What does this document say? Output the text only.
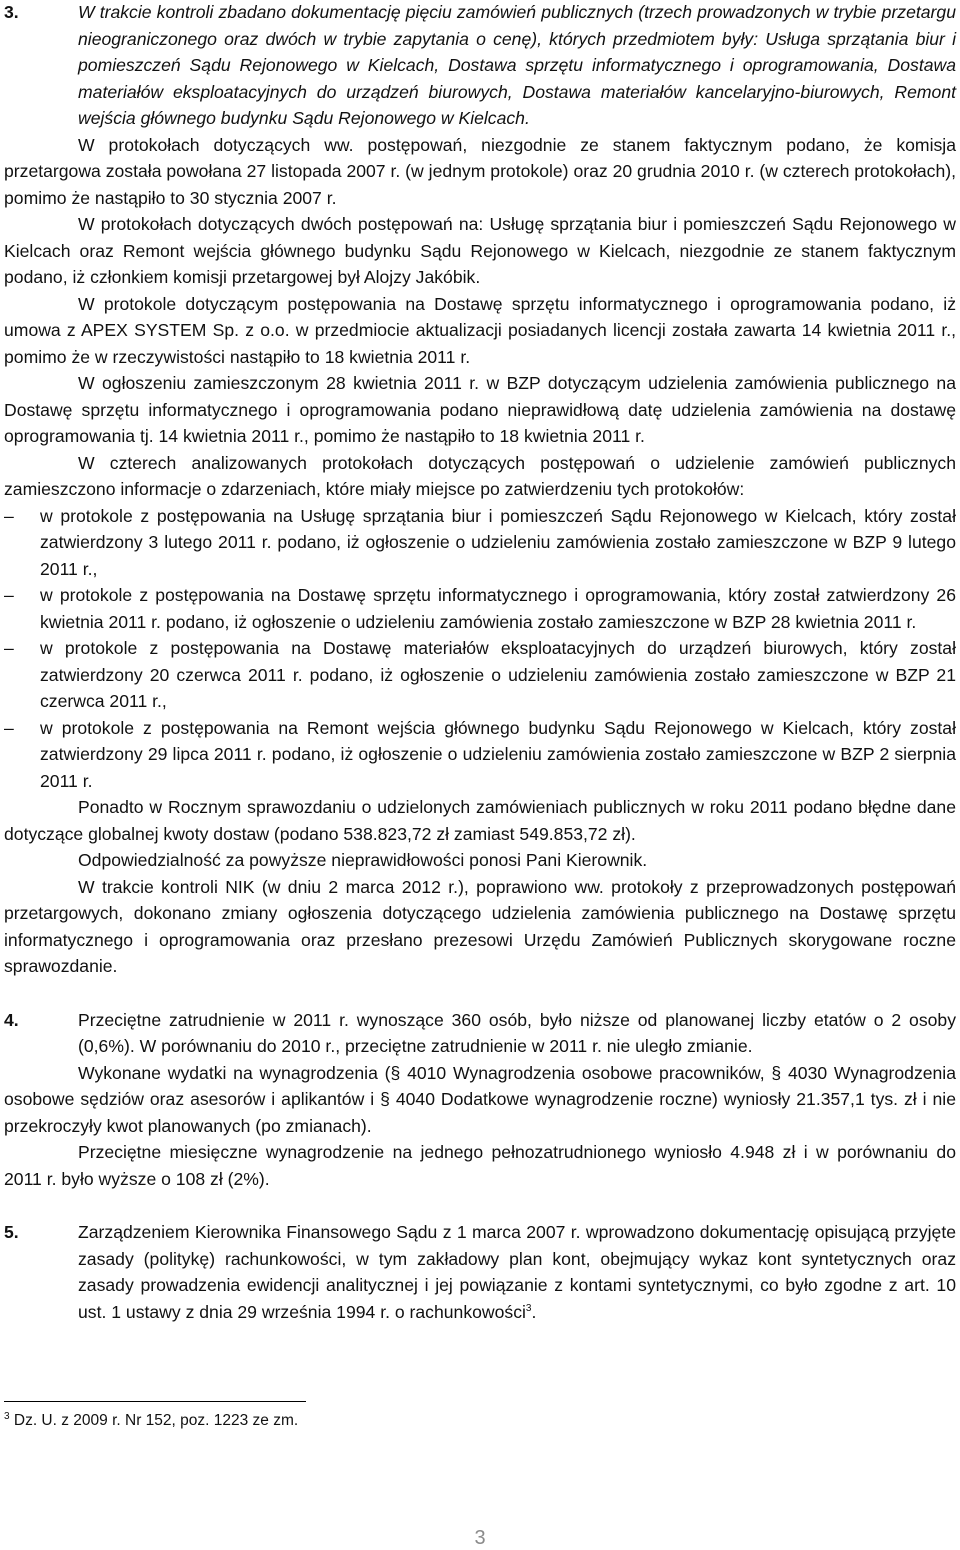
3.	W trakcie kontroli zbadano dokumentację pięciu zamówień publicznych (trzech prowadzonych w trybie przetargu nieograniczonego oraz dwóch w trybie zapytania o cenę), których przedmiotem były: Usługa sprzątania biur i pomieszczeń Sądu Rejonowego w Kielcach, Dostawa sprzętu informatycznego i oprogramowania, Dostawa materiałów eksploatacyjnych do urządzeń biurowych, Dostawa materiałów kancelaryjno-biurowych, Remont wejścia głównego budynku Sądu Rejonowego w Kielcach.

W protokołach dotyczących ww. postępowań, niezgodnie ze stanem faktycznym podano, że komisja przetargowa została powołana 27 listopada 2007 r. (w jednym protokole) oraz 20 grudnia 2010 r. (w czterech protokołach), pomimo że nastąpiło to 30 stycznia 2007 r.

W protokołach dotyczących dwóch postępowań na: Usługę sprzątania biur i pomieszczeń Sądu Rejonowego w Kielcach oraz Remont wejścia głównego budynku Sądu Rejonowego w Kielcach, niezgodnie ze stanem faktycznym podano, iż członkiem komisji przetargowej był Alojzy Jakóbik.

W protokole dotyczącym postępowania na Dostawę sprzętu informatycznego i oprogramowania podano, iż umowa z APEX SYSTEM Sp. z o.o. w przedmiocie aktualizacji posiadanych licencji została zawarta 14 kwietnia 2011 r., pomimo że w rzeczywistości nastąpiło to 18 kwietnia 2011 r.

W ogłoszeniu zamieszczonym 28 kwietnia 2011 r. w BZP dotyczącym udzielenia zamówienia publicznego na Dostawę sprzętu informatycznego i oprogramowania podano nieprawidłową datę udzielenia zamówienia na dostawę oprogramowania tj. 14 kwietnia 2011 r., pomimo że nastąpiło to 18 kwietnia 2011 r.

W czterech analizowanych protokołach dotyczących postępowań o udzielenie zamówień publicznych zamieszczono informacje o zdarzeniach, które miały miejsce po zatwierdzeniu tych protokołów:

–	w protokole z postępowania na Usługę sprzątania biur i pomieszczeń Sądu Rejonowego w Kielcach, który został zatwierdzony 3 lutego 2011 r. podano, iż ogłoszenie o udzieleniu zamówienia zostało zamieszczone w BZP 9 lutego 2011 r.,
–	w protokole z postępowania na Dostawę sprzętu informatycznego i oprogramowania, który został zatwierdzony 26 kwietnia 2011 r. podano, iż ogłoszenie o udzieleniu zamówienia zostało zamieszczone w BZP 28 kwietnia 2011 r.
–	w protokole z postępowania na Dostawę materiałów eksploatacyjnych do urządzeń biurowych, który został zatwierdzony 20 czerwca 2011 r. podano, iż ogłoszenie o udzieleniu zamówienia zostało zamieszczone w BZP 21 czerwca 2011 r.,
–	w protokole z postępowania na Remont wejścia głównego budynku Sądu Rejonowego w Kielcach, który został zatwierdzony 29 lipca 2011 r. podano, iż ogłoszenie o udzieleniu zamówienia zostało zamieszczone w BZP 2 sierpnia 2011 r.

Ponadto w Rocznym sprawozdaniu o udzielonych zamówieniach publicznych w roku 2011 podano błędne dane dotyczące globalnej kwoty dostaw (podano 538.823,72 zł zamiast 549.853,72 zł).

Odpowiedzialność za powyższe nieprawidłowości ponosi Pani Kierownik.

W trakcie kontroli NIK (w dniu 2 marca 2012 r.), poprawiono ww. protokoły z przeprowadzonych postępowań przetargowych, dokonano zmiany ogłoszenia dotyczącego udzielenia zamówienia publicznego na Dostawę sprzętu informatycznego i oprogramowania oraz przesłano prezesowi Urzędu Zamówień Publicznych skorygowane roczne sprawozdanie.

4.	Przeciętne zatrudnienie w 2011 r. wynoszące 360 osób, było niższe od planowanej liczby etatów o 2 osoby (0,6%). W porównaniu do 2010 r., przeciętne zatrudnienie w 2011 r. nie uległo zmianie.

Wykonane wydatki na wynagrodzenia (§ 4010 Wynagrodzenia osobowe pracowników, § 4030 Wynagrodzenia osobowe sędziów oraz asesorów i aplikantów i § 4040 Dodatkowe wynagrodzenie roczne) wyniosły 21.357,1 tys. zł i nie przekroczyły kwot planowanych (po zmianach).

Przeciętne miesięczne wynagrodzenie na jednego pełnozatrudnionego wyniosło 4.948 zł i w porównaniu do 2011 r. było wyższe o 108 zł (2%).

5.	Zarządzeniem Kierownika Finansowego Sądu z 1 marca 2007 r. wprowadzono dokumentację opisującą przyjęte zasady (politykę) rachunkowości, w tym zakładowy plan kont, obejmujący wykaz kont syntetycznych oraz zasady prowadzenia ewidencji analitycznej i jej powiązanie z kontami syntetycznymi, co było zgodne z art. 10 ust. 1 ustawy z dnia 29 września 1994 r. o rachunkowości$^3$.

$^3$ Dz. U. z 2009 r. Nr 152, poz. 1223 ze zm.
3
